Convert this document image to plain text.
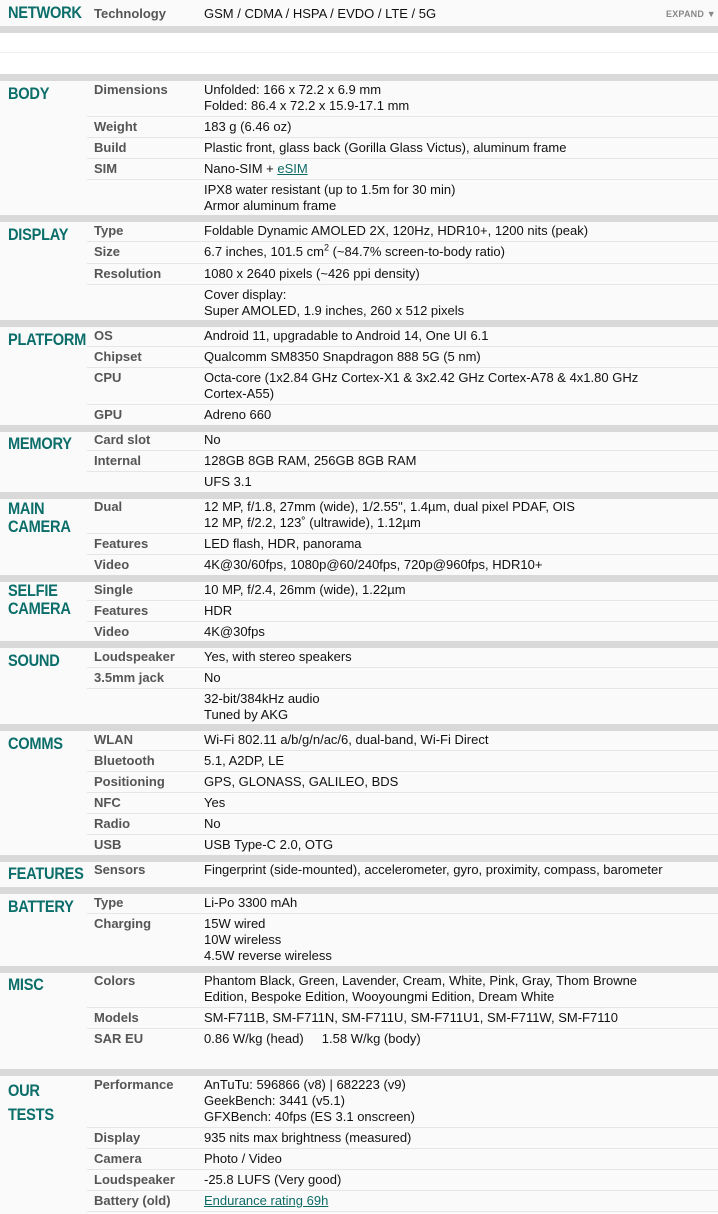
NETWORK Technology	GSM / CDMA / HSPA / EVDO / LTE / 5G	EXPAND ▼
BODY	Dimensions	Unfolded: 166 x 72.2 x 6.9 mm
Folded: 86.4 x 72.2 x 15.9-17.1 mm
Weight	183 g (6.46 oz)
Build	Plastic front, glass back (Gorilla Glass Victus), aluminum frame
SIM	Nano-SIM + eSIM
IPX8 water resistant (up to 1.5m for 30 min)
Armor aluminum frame
DISPLAY	Type	Foldable Dynamic AMOLED 2X, 120Hz, HDR10+, 1200 nits (peak)
Size	6.7 inches, 101.5 $cm^2$ (~84.7% screen-to-body ratio)
Resolution	1080 x 2640 pixels (~426 ppi density)
Cover display:
Super AMOLED, 1.9 inches, 260 x 512 pixels
PLATFORM OS	Android 11, upgradable to Android 14, One UI 6.1
Chipset	Qualcomm SM8350 Snapdragon 888 5G (5 nm)
CPU	Octa-core (1x2.84 GHz Cortex-X1 & 3x2.42 GHz Cortex-A78 & 4x1.80 GHz
Cortex-A55)
GPU	Adreno 660
MEMORY	Card slot	No
Internal	128GB 8GB RAM, 256GB 8GB RAM
UFS 3.1
MAIN
CAMERA
Dual	12 MP, f/1.8, 27mm (wide), 1/2.55", 1.4µm, dual pixel PDAF, OIS
12 MP, f/2.2, 123˚ (ultrawide), 1.12µm
Features	LED flash, HDR, panorama
Video	4K@30/60fps, 1080p@60/240fps, 720p@960fps, HDR10+
SELFIE
CAMERA
Single	10 MP, f/2.4, 26mm (wide), 1.22µm
Features	HDR
Video	4K@30fps
SOUND	Loudspeaker Yes, with stereo speakers
3.5mm jack	No
32-bit/384kHz audio
Tuned by AKG
COMMS	WLAN	Wi-Fi 802.11 a/b/g/n/ac/6, dual-band, Wi-Fi Direct
Bluetooth	5.1, A2DP, LE
Positioning	GPS, GLONASS, GALILEO, BDS
NFC	Yes
Radio	No
USB	USB Type-C 2.0, OTG
FEATURES Sensors	Fingerprint (side-mounted), accelerometer, gyro, proximity, compass, barometer
BATTERY Type	Li-Po 3300 mAh
Charging	15W wired
10W wireless
4.5W reverse wireless
MISC	Colors	Phantom Black, Green, Lavender, Cream, White, Pink, Gray, Thom Browne
Edition, Bespoke Edition, Wooyoungmi Edition, Dream White
Models	SM-F711B, SM-F711N, SM-F711U, SM-F711U1, SM-F711W, SM-F7110
SAR EU	0.86 W/kg (head)     1.58 W/kg (body)
OUR
TESTS
Performance AnTuTu: 596866 (v8) | 682223 (v9)
GeekBench: 3441 (v5.1)
GFXBench: 40fps (ES 3.1 onscreen)
Display	935 nits max brightness (measured)
Camera	Photo / Video
Loudspeaker -25.8 LUFS (Very good)
Battery (old)	Endurance rating 69h
